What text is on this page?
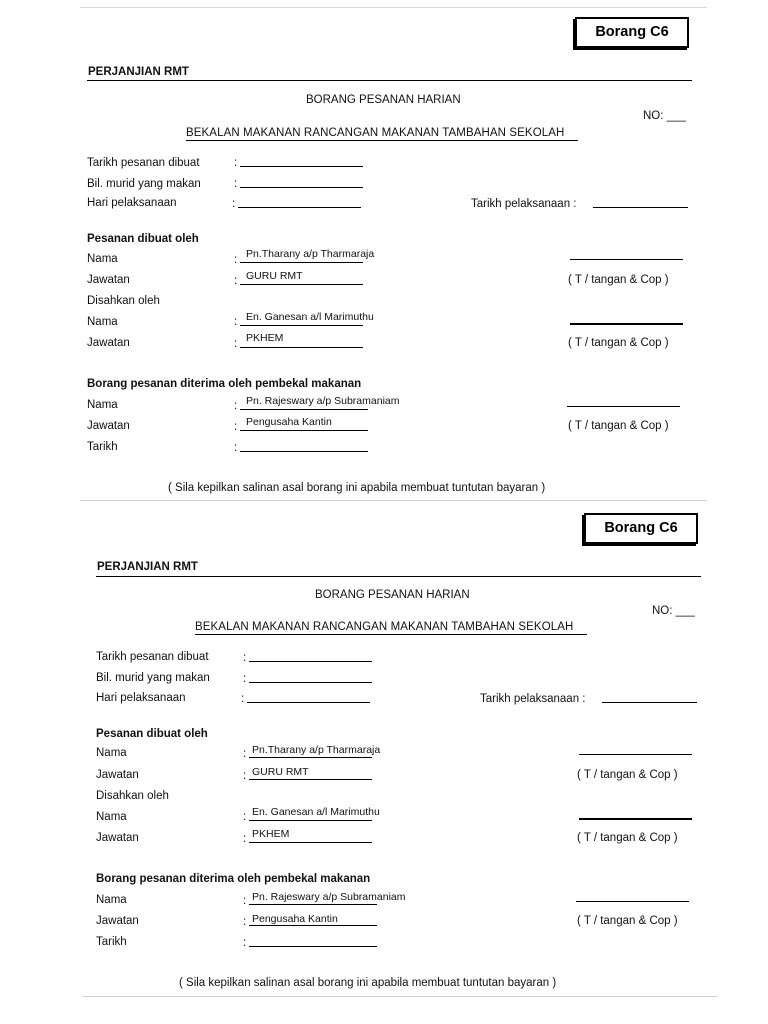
Borang C6
PERJANJIAN RMT
BORANG PESANAN HARIAN
NO: ___
BEKALAN MAKANAN RANCANGAN MAKANAN TAMBAHAN SEKOLAH
Tarikh pesanan dibuat	:
Bil. murid yang makan	:
Hari pelaksanaan	:	Tarikh pelaksanaan :
Pesanan dibuat oleh
Nama	: Pn.Tharany a/p Tharmaraja
Jawatan	: GURU RMT	( T / tangan & Cop )
Disahkan oleh
Nama	: En. Ganesan a/l Marimuthu
Jawatan	: PKHEM	( T / tangan & Cop )
Borang pesanan diterima oleh pembekal makanan
Nama	: Pn. Rajeswary a/p Subramaniam
Jawatan	: Pengusaha Kantin	( T / tangan & Cop )
Tarikh	:
( Sila kepilkan salinan asal borang ini apabila membuat tuntutan bayaran )
Borang C6
PERJANJIAN RMT
BORANG PESANAN HARIAN
NO: ___
BEKALAN MAKANAN RANCANGAN MAKANAN TAMBAHAN SEKOLAH
Tarikh pesanan dibuat	:
Bil. murid yang makan	:
Hari pelaksanaan	:	Tarikh pelaksanaan :
Pesanan dibuat oleh
Nama	: Pn.Tharany a/p Tharmaraja
Jawatan	: GURU RMT	( T / tangan & Cop )
Disahkan oleh
Nama	: En. Ganesan a/l Marimuthu
Jawatan	: PKHEM	( T / tangan & Cop )
Borang pesanan diterima oleh pembekal makanan
Nama	: Pn. Rajeswary a/p Subramaniam
Jawatan	: Pengusaha Kantin	( T / tangan & Cop )
Tarikh	:
( Sila kepilkan salinan asal borang ini apabila membuat tuntutan bayaran )
